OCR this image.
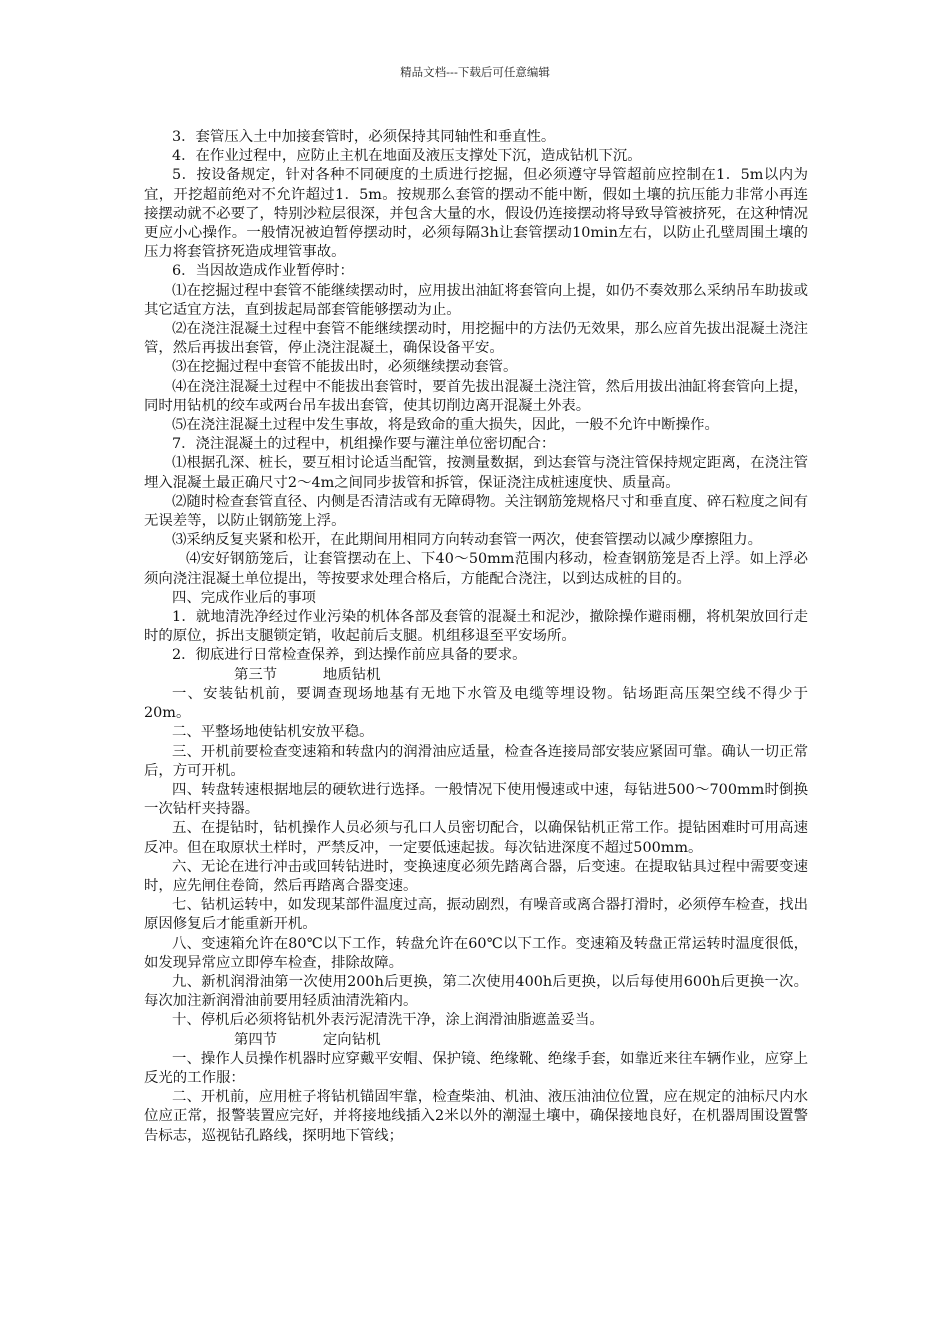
精品文档---下载后可任意编辑

3．套管压入土中加接套管时，必须保持其同轴性和垂直性。

4．在作业过程中，应防止主机在地面及液压支撑处下沉，造成钻机下沉。

5．按设备规定，针对各种不同硬度的土质进行挖掘，但必须遵守导管超前应控制在1．5m以内为宜，开挖超前绝对不允许超过1．5m。按规那么套管的摆动不能中断，假如土壤的抗压能力非常小再连接摆动就不必要了，特别沙粒层很深，并包含大量的水，假设仍连接摆动将导致导管被挤死，在这种情况更应小心操作。一般情况被迫暂停摆动时，必须每隔3h让套管摆动10min左右，以防止孔壁周围土壤的压力将套管挤死造成埋管事故。

6．当因故造成作业暂停时：

⑴在挖掘过程中套管不能继续摆动时，应用拔出油缸将套管向上提，如仍不奏效那么采纳吊车助拔或其它适宜方法，直到拔起局部套管能够摆动为止。

⑵在浇注混凝土过程中套管不能继续摆动时，用挖掘中的方法仍无效果，那么应首先拔出混凝土浇注管，然后再拔出套管，停止浇注混凝土，确保设备平安。

⑶在挖掘过程中套管不能拔出时，必须继续摆动套管。

⑷在浇注混凝土过程中不能拔出套管时，要首先拔出混凝土浇注管，然后用拔出油缸将套管向上提，同时用钻机的绞车或两台吊车拔出套管，使其切削边离开混凝土外表。

⑸在浇注混凝土过程中发生事故，将是致命的重大损失，因此，一般不允许中断操作。

7．浇注混凝土的过程中，机组操作要与灌注单位密切配合：

⑴根据孔深、桩长，要互相讨论适当配管，按测量数据，到达套管与浇注管保持规定距离，在浇注管埋入混凝土最正确尺寸2～4m之间同步拔管和拆管，保证浇注成桩速度快、质量高。

⑵随时检查套管直径、内侧是否清洁或有无障碍物。关注钢筋笼规格尺寸和垂直度、碎石粒度之间有无误差等，以防止钢筋笼上浮。

⑶采纳反复夹紧和松开，在此期间用相同方向转动套管一两次，使套管摆动以减少摩擦阻力。

⑷安好钢筋笼后，让套管摆动在上、下40～50mm范围内移动，检查钢筋笼是否上浮。如上浮必须向浇注混凝土单位提出，等按要求处理合格后，方能配合浇注，以到达成桩的目的。

四、完成作业后的事项

1．就地清洗净经过作业污染的机体各部及套管的混凝土和泥沙，撤除操作避雨棚，将机架放回行走时的原位，拆出支腿锁定销，收起前后支腿。机组移退至平安场所。

2．彻底进行日常检查保养，到达操作前应具备的要求。

第三节          地质钻机

一、安装钻机前，要调查现场地基有无地下水管及电缆等埋设物。钻场距高压架空线不得少于20m。

二、平整场地使钻机安放平稳。

三、开机前要检查变速箱和转盘内的润滑油应适量，检查各连接局部安装应紧固可靠。确认一切正常后，方可开机。

四、转盘转速根据地层的硬软进行选择。一般情况下使用慢速或中速，每钻进500～700mm时倒换一次钻杆夹持器。

五、在提钻时，钻机操作人员必须与孔口人员密切配合，以确保钻机正常工作。提钻困难时可用高速反冲。但在取原状土样时，严禁反冲，一定要低速起拔。每次钻进深度不超过500mm。

六、无论在进行冲击或回转钻进时，变换速度必须先踏离合器，后变速。在提取钻具过程中需要变速时，应先闸住卷筒，然后再踏离合器变速。

七、钻机运转中，如发现某部件温度过高，振动剧烈，有噪音或离合器打滑时，必须停车检查，找出原因修复后才能重新开机。

八、变速箱允许在80℃以下工作，转盘允许在60℃以下工作。变速箱及转盘正常运转时温度很低，如发现异常应立即停车检查，排除故障。

九、新机润滑油第一次使用200h后更换，第二次使用400h后更换，以后每使用600h后更换一次。每次加注新润滑油前要用轻质油清洗箱内。

十、停机后必须将钻机外表污泥清洗干净，涂上润滑油脂遮盖妥当。

第四节          定向钻机

一、操作人员操作机器时应穿戴平安帽、保护镜、绝缘靴、绝缘手套，如靠近来往车辆作业，应穿上反光的工作服：

二、开机前，应用桩子将钻机锚固牢靠，检查柴油、机油、液压油油位位置，应在规定的油标尺内水位应正常，报警装置应完好，并将接地线插入2米以外的潮湿土壤中，确保接地良好，在机器周围设置警告标志，巡视钻孔路线，探明地下管线；
